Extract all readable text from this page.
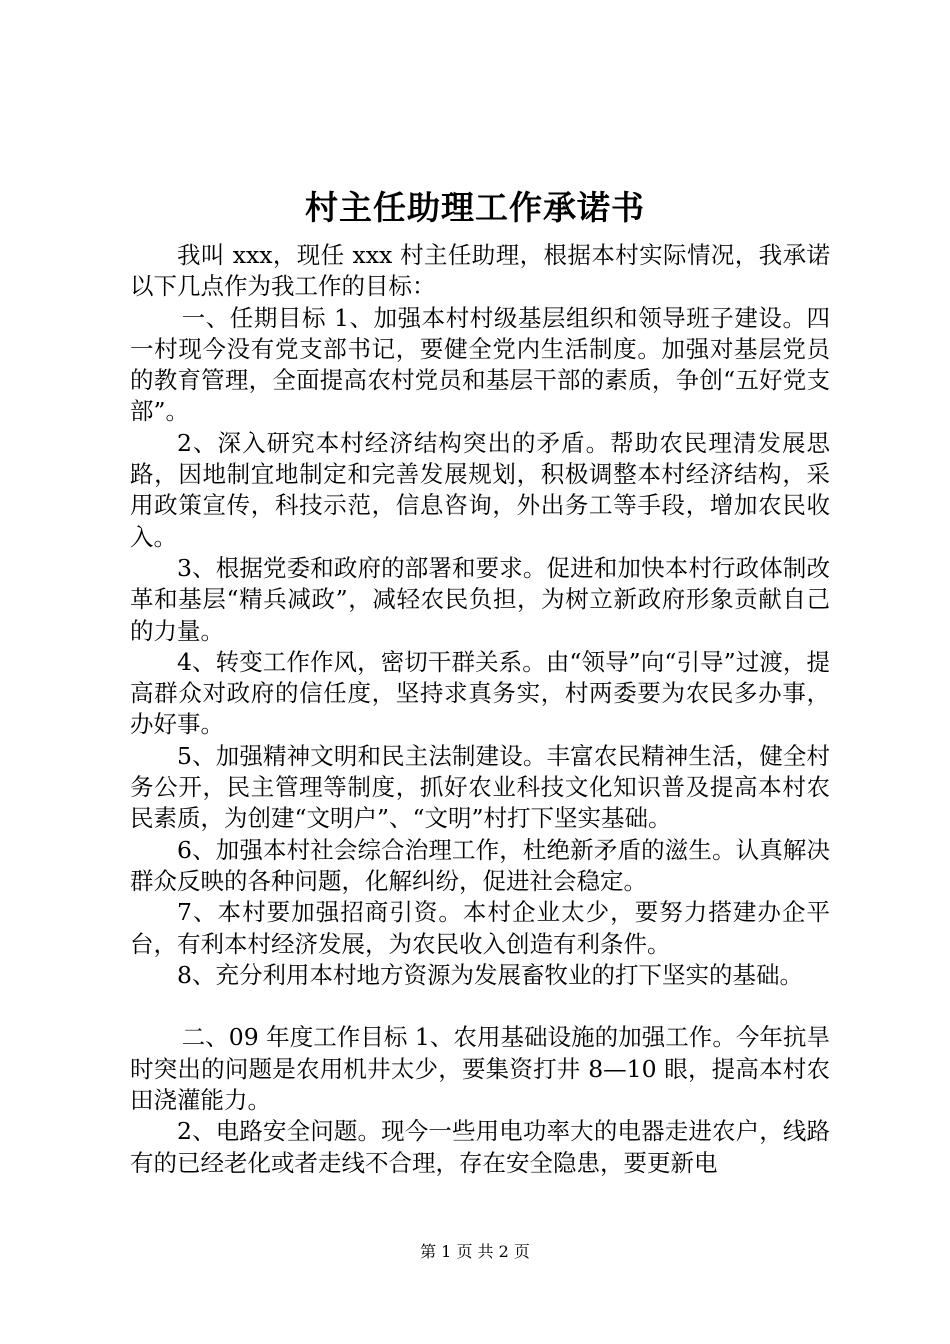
村主任助理工作承诺书

我叫 xxx，现任 xxx 村主任助理，根据本村实际情况，我承诺以下几点作为我工作的目标：

一、任期目标 1、加强本村村级基层组织和领导班子建设。四一村现今没有党支部书记，要健全党内生活制度。加强对基层党员的教育管理，全面提高农村党员和基层干部的素质，争创“五好党支部”。

2、深入研究本村经济结构突出的矛盾。帮助农民理清发展思路，因地制宜地制定和完善发展规划，积极调整本村经济结构，采用政策宣传，科技示范，信息咨询，外出务工等手段，增加农民收入。

3、根据党委和政府的部署和要求。促进和加快本村行政体制改革和基层“精兵减政”，减轻农民负担，为树立新政府形象贡献自己的力量。

4、转变工作作风，密切干群关系。由“领导”向“引导”过渡，提高群众对政府的信任度，坚持求真务实，村两委要为农民多办事，办好事。

5、加强精神文明和民主法制建设。丰富农民精神生活，健全村务公开，民主管理等制度，抓好农业科技文化知识普及提高本村农民素质，为创建“文明户”、“文明”村打下坚实基础。

6、加强本村社会综合治理工作，杜绝新矛盾的滋生。认真解决群众反映的各种问题，化解纠纷，促进社会稳定。

7、本村要加强招商引资。本村企业太少，要努力搭建办企平台，有利本村经济发展，为农民收入创造有利条件。

8、充分利用本村地方资源为发展畜牧业的打下坚实的基础。

二、09 年度工作目标 1、农用基础设施的加强工作。今年抗旱时突出的问题是农用机井太少，要集资打井 8—10 眼，提高本村农田浇灌能力。

2、电路安全问题。现今一些用电功率大的电器走进农户，线路有的已经老化或者走线不合理，存在安全隐患，要更新电

第 1 页 共 2 页
